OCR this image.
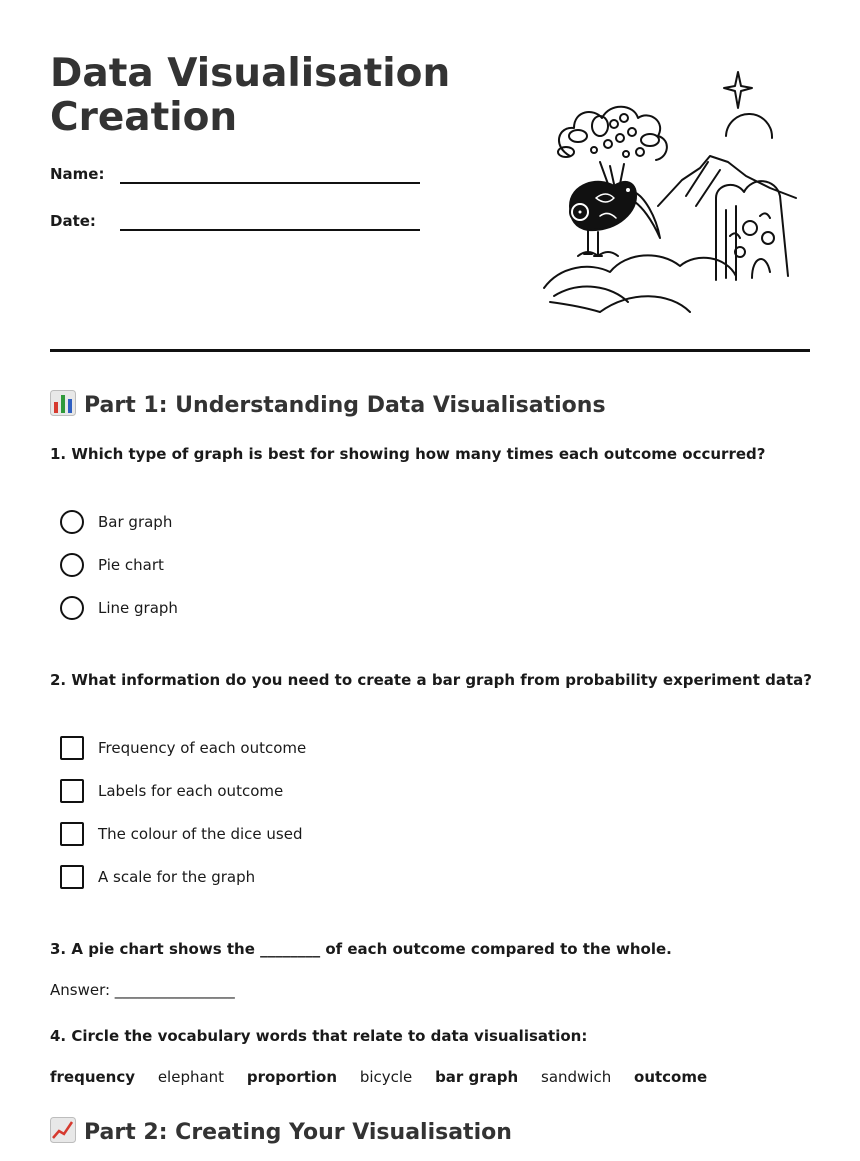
Data Visualisation Creation
Name:
Date:
Part 1: Understanding Data Visualisations

1. Which type of graph is best for showing how many times each outcome occurred?

Bar graph
Pie chart
Line graph

2. What information do you need to create a bar graph from probability experiment data?

Frequency of each outcome
Labels for each outcome
The colour of the dice used
A scale for the graph

3. A pie chart shows the ________ of each outcome compared to the whole.

Answer: ________________

4. Circle the vocabulary words that relate to data visualisation:

frequency elephant proportion bicycle bar graph sandwich outcome
Part 2: Creating Your Visualisation
